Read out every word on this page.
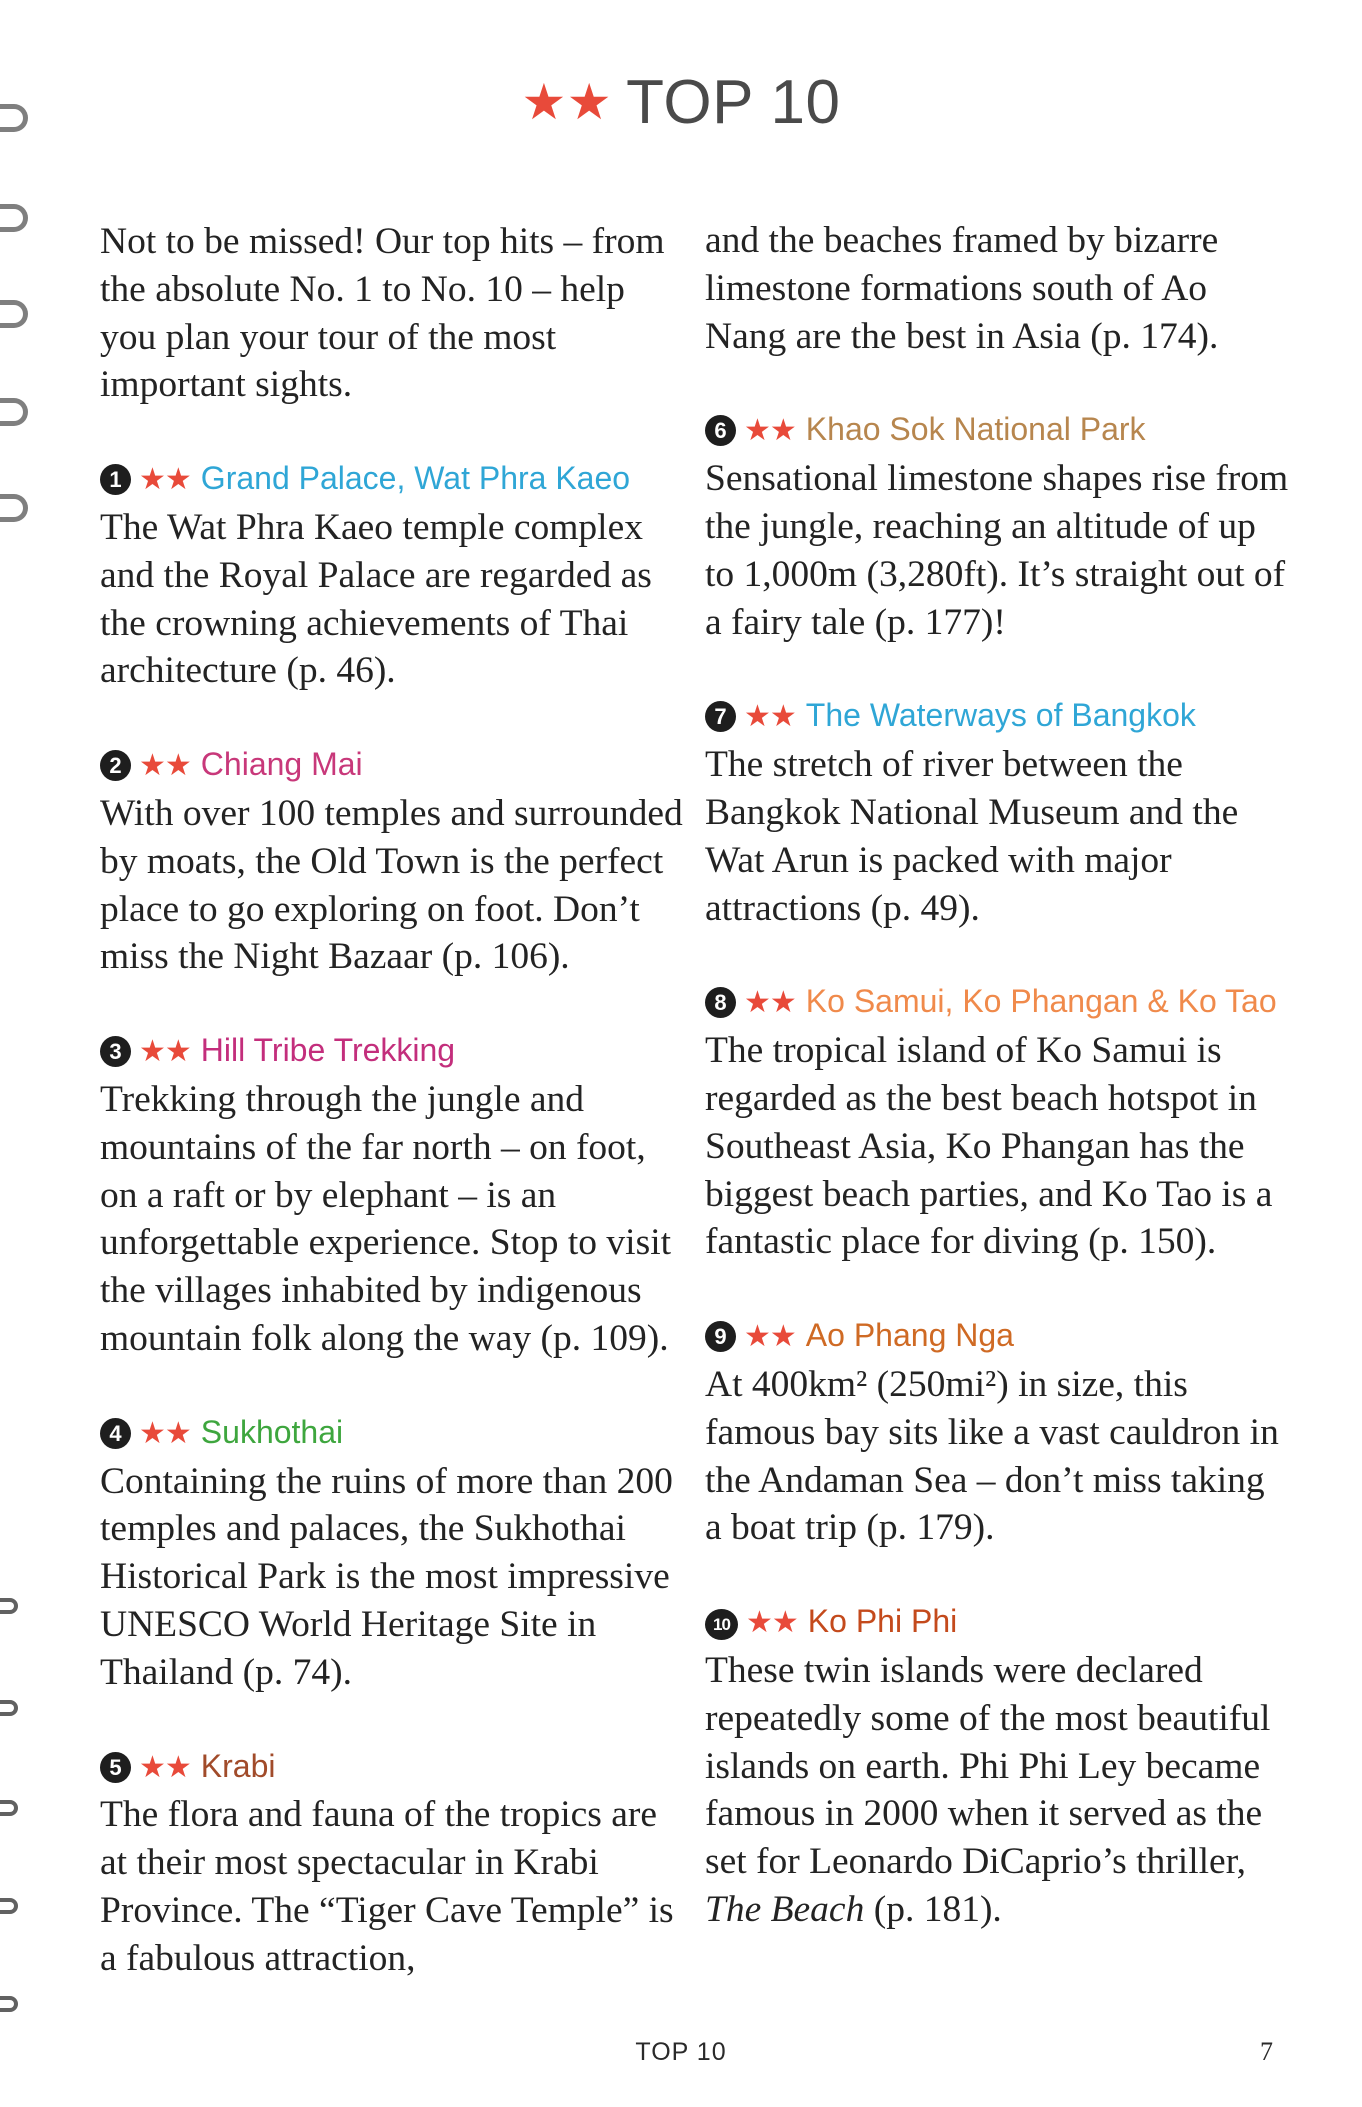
★★ TOP 10

Not to be missed! Our top hits – from the absolute No. 1 to No. 10 – help you plan your tour of the most important sights.

1 ★★ Grand Palace, Wat Phra Kaeo

The Wat Phra Kaeo temple complex and the Royal Palace are regarded as the crowning achievements of Thai architecture (p. 46).

2 ★★ Chiang Mai

With over 100 temples and surrounded by moats, the Old Town is the perfect place to go exploring on foot. Don’t miss the Night Bazaar (p. 106).

3 ★★ Hill Tribe Trekking

Trekking through the jungle and mountains of the far north – on foot, on a raft or by elephant – is an unforgettable experience. Stop to visit the villages inhabited by indigenous mountain folk along the way (p. 109).

4 ★★ Sukhothai

Containing the ruins of more than 200 temples and palaces, the Sukhothai Historical Park is the most impressive UNESCO World Heritage Site in Thailand (p. 74).

5 ★★ Krabi

The flora and fauna of the tropics are at their most spectacular in Krabi Province. The “Tiger Cave Temple” is a fabulous attraction,

and the beaches framed by bizarre limestone formations south of Ao Nang are the best in Asia (p. 174).

6 ★★ Khao Sok National Park

Sensational limestone shapes rise from the jungle, reaching an altitude of up to 1,000m (3,280ft). It’s straight out of a fairy tale (p. 177)!

7 ★★ The Waterways of Bangkok

The stretch of river between the Bangkok National Museum and the Wat Arun is packed with major attractions (p. 49).

8 ★★ Ko Samui, Ko Phangan & Ko Tao

The tropical island of Ko Samui is regarded as the best beach hotspot in Southeast Asia, Ko Phangan has the biggest beach parties, and Ko Tao is a fantastic place for diving (p. 150).

9 ★★ Ao Phang Nga

At 400km² (250mi²) in size, this famous bay sits like a vast cauldron in the Andaman Sea – don’t miss taking a boat trip (p. 179).

10 ★★ Ko Phi Phi

These twin islands were declared repeatedly some of the most beautiful islands on earth. Phi Phi Ley became famous in 2000 when it served as the set for Leonardo DiCaprio’s thriller, The Beach (p. 181).

TOP 10	7
